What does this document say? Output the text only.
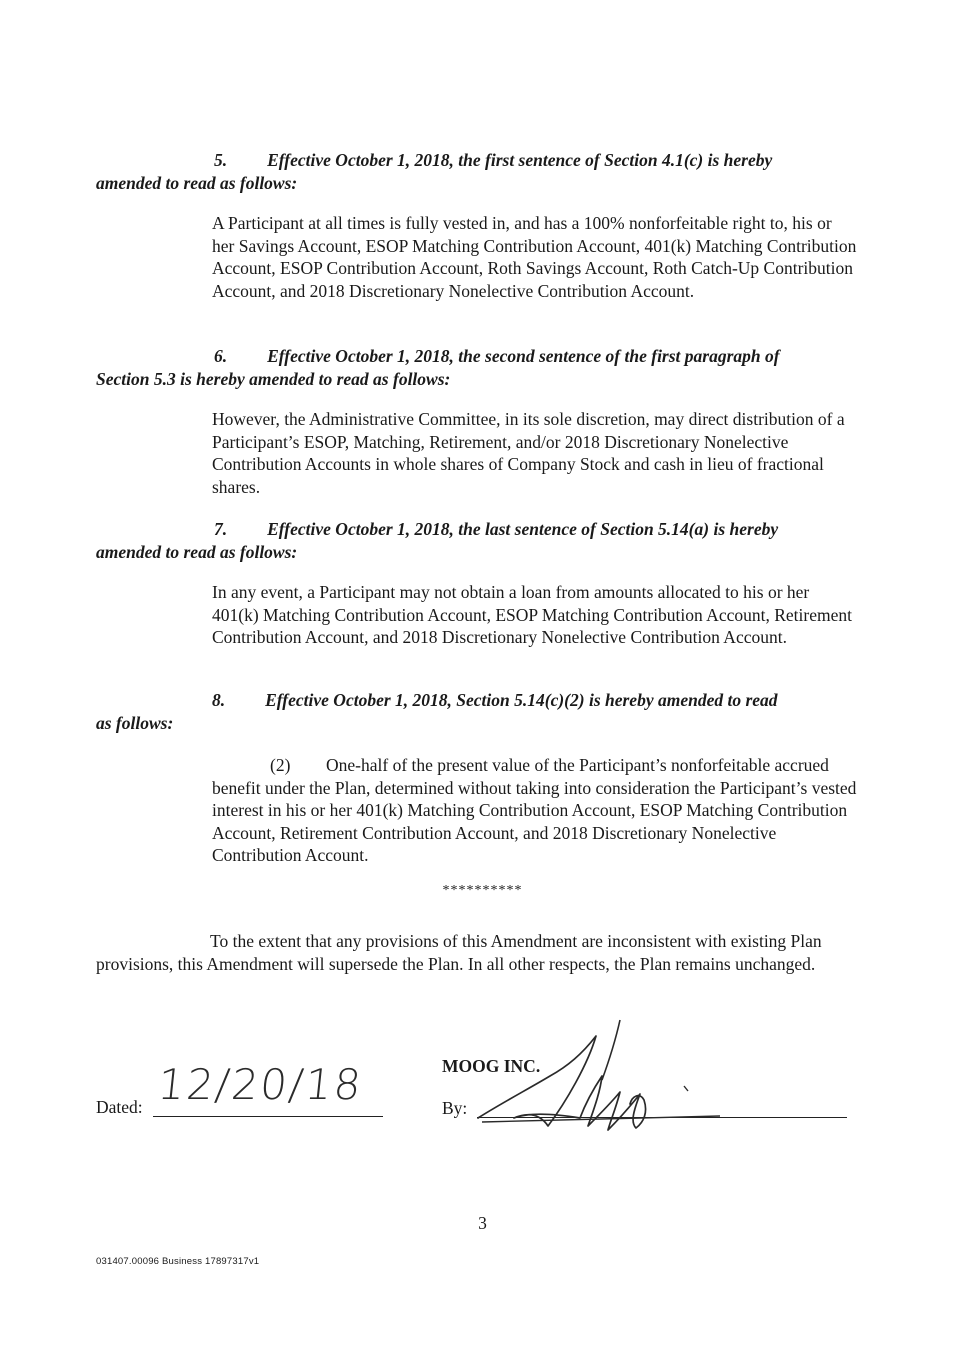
5. Effective October 1, 2018, the first sentence of Section 4.1(c) is hereby
amended to read as follows:
A Participant at all times is fully vested in, and has a 100% nonforfeitable right to, his or her Savings Account, ESOP Matching Contribution Account, 401(k) Matching Contribution Account, ESOP Contribution Account, Roth Savings Account, Roth Catch-Up Contribution Account, and 2018 Discretionary Nonelective Contribution Account.
6. Effective October 1, 2018, the second sentence of the first paragraph of
Section 5.3 is hereby amended to read as follows:
However, the Administrative Committee, in its sole discretion, may direct distribution of a Participant’s ESOP, Matching, Retirement, and/or 2018 Discretionary Nonelective Contribution Accounts in whole shares of Company Stock and cash in lieu of fractional shares.
7. Effective October 1, 2018, the last sentence of Section 5.14(a) is hereby
amended to read as follows:
In any event, a Participant may not obtain a loan from amounts allocated to his or her 401(k) Matching Contribution Account, ESOP Matching Contribution Account, Retirement Contribution Account, and 2018 Discretionary Nonelective Contribution Account.
8. Effective October 1, 2018, Section 5.14(c)(2) is hereby amended to read
as follows:
(2) One-half of the present value of the Participant’s nonforfeitable accrued benefit under the Plan, determined without taking into consideration the Participant’s vested interest in his or her 401(k) Matching Contribution Account, ESOP Matching Contribution Account, Retirement Contribution Account, and 2018 Discretionary Nonelective Contribution Account.
**********
To the extent that any provisions of this Amendment are inconsistent with existing Plan provisions, this Amendment will supersede the Plan. In all other respects, the Plan remains unchanged.
Dated: 12/20/18	MOOG INC.
By:
3
031407.00096 Business 17897317v1
